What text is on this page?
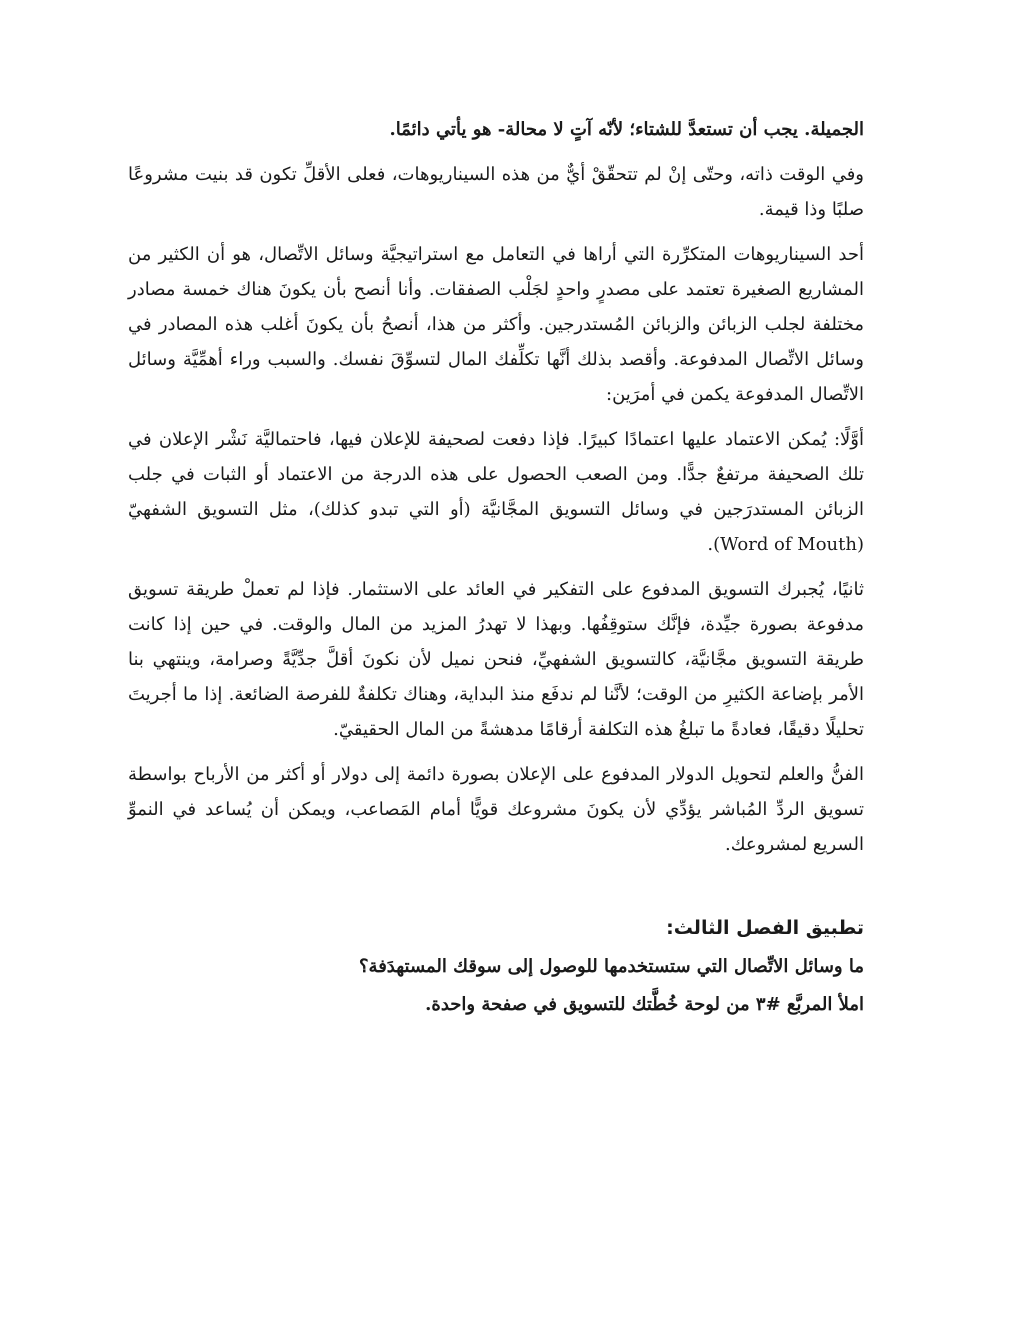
الجميلة. يجب أن تستعدَّ للشتاء؛ لأنّه آتٍ لا محالة- هو يأتي دائمًا.

وفي الوقت ذاته، وحتّى إنْ لم تتحقّقْ أيٌّ من هذه السيناريوهات، فعلى الأقلِّ تكون قد بنيت مشروعًا صلبًا وذا قيمة.

أحد السيناريوهات المتكرِّرة التي أراها في التعامل مع استراتيجيَّة وسائل الاتِّصال، هو أن الكثير من المشاريع الصغيرة تعتمد على مصدرٍ واحدٍ لجَلْب الصفقات. وأنا أنصح بأن يكونَ هناك خمسة مصادر مختلفة لجلب الزبائن والزبائن المُستدرجين. وأكثر من هذا، أنصحُ بأن يكونَ أغلب هذه المصادر في وسائل الاتِّصال المدفوعة. وأقصد بذلك أنَّها تكلِّفك المال لتسوِّقَ نفسك. والسبب وراء أهمِّيَّة وسائل الاتِّصال المدفوعة يكمن في أمرَين:

أوَّلًا: يُمكن الاعتماد عليها اعتمادًا كبيرًا. فإذا دفعت لصحيفة للإعلان فيها، فاحتماليَّة نَشْر الإعلان في تلك الصحيفة مرتفعٌ جدًّا. ومن الصعب الحصول على هذه الدرجة من الاعتماد أو الثبات في جلب الزبائن المستدرَجين في وسائل التسويق المجَّانيَّة (أو التي تبدو كذلك)، مثل التسويق الشفهيّ (Word of Mouth).

ثانيًا، يُجبرك التسويق المدفوع على التفكير في العائد على الاستثمار. فإذا لم تعملْ طريقة تسويق مدفوعة بصورة جيِّدة، فإنَّك ستوقِفُها. وبهذا لا تهدرُ المزيد من المال والوقت. في حين إذا كانت طريقة التسويق مجَّانيَّة، كالتسويق الشفهيِّ، فنحن نميل لأن نكونَ أقلَّ جدِّيَّةً وصرامة، وينتهي بنا الأمر بإضاعة الكثيرِ من الوقت؛ لأنَّنا لم ندفَع منذ البداية، وهناك تكلفةٌ للفرصة الضائعة. إذا ما أجريتَ تحليلًا دقيقًا، فعادةً ما تبلغُ هذه التكلفة أرقامًا مدهشةً من المال الحقيقيّ.

الفنُّ والعلم لتحويل الدولار المدفوع على الإعلان بصورة دائمة إلى دولار أو أكثر من الأرباح بواسطة تسويق الردِّ المُباشر يؤدِّي لأن يكونَ مشروعك قويًّا أمام المَصاعب، ويمكن أن يُساعد في النموِّ السريع لمشروعك.

تطبيق الفصل الثالث:

ما وسائل الاتِّصال التي ستستخدمها للوصول إلى سوقك المستهدَفة؟

املأ المربَّع #٣ من لوحة خُطَّتك للتسويق في صفحة واحدة.
